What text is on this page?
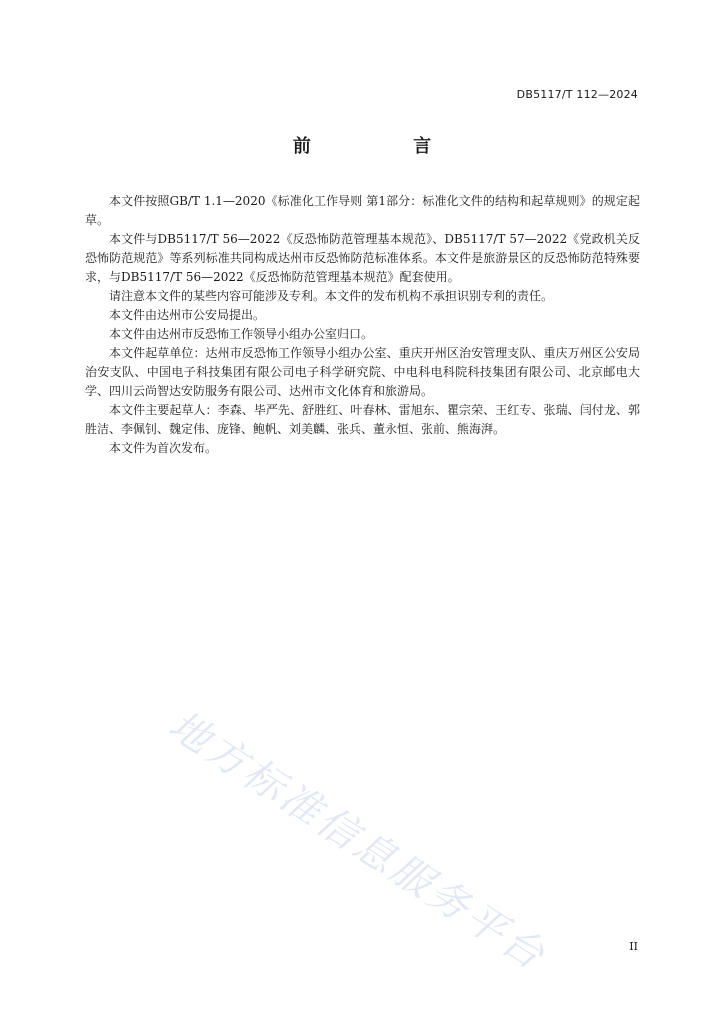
DB5117/T 112—2024
前 言

本文件按照GB/T 1.1—2020《标准化工作导则 第1部分：标准化文件的结构和起草规则》的规定起草。

本文件与DB5117/T 56—2022《反恐怖防范管理基本规范》、DB5117/T 57—2022《党政机关反恐怖防范规范》等系列标准共同构成达州市反恐怖防范标准体系。本文件是旅游景区的反恐怖防范特殊要求，与DB5117/T 56—2022《反恐怖防范管理基本规范》配套使用。

请注意本文件的某些内容可能涉及专利。本文件的发布机构不承担识别专利的责任。

本文件由达州市公安局提出。

本文件由达州市反恐怖工作领导小组办公室归口。

本文件起草单位：达州市反恐怖工作领导小组办公室、重庆开州区治安管理支队、重庆万州区公安局治安支队、中国电子科技集团有限公司电子科学研究院、中电科电科院科技集团有限公司、北京邮电大学、四川云尚智达安防服务有限公司、达州市文化体育和旅游局。

本文件主要起草人：李森、毕严先、舒胜红、叶春林、雷旭东、瞿宗荣、王红专、张瑞、闫付龙、郭胜洁、李佩钊、魏定伟、庞锋、鲍帆、刘美麟、张兵、董永恒、张前、熊海湃。

本文件为首次发布。

地方标准信息服务平台	II
